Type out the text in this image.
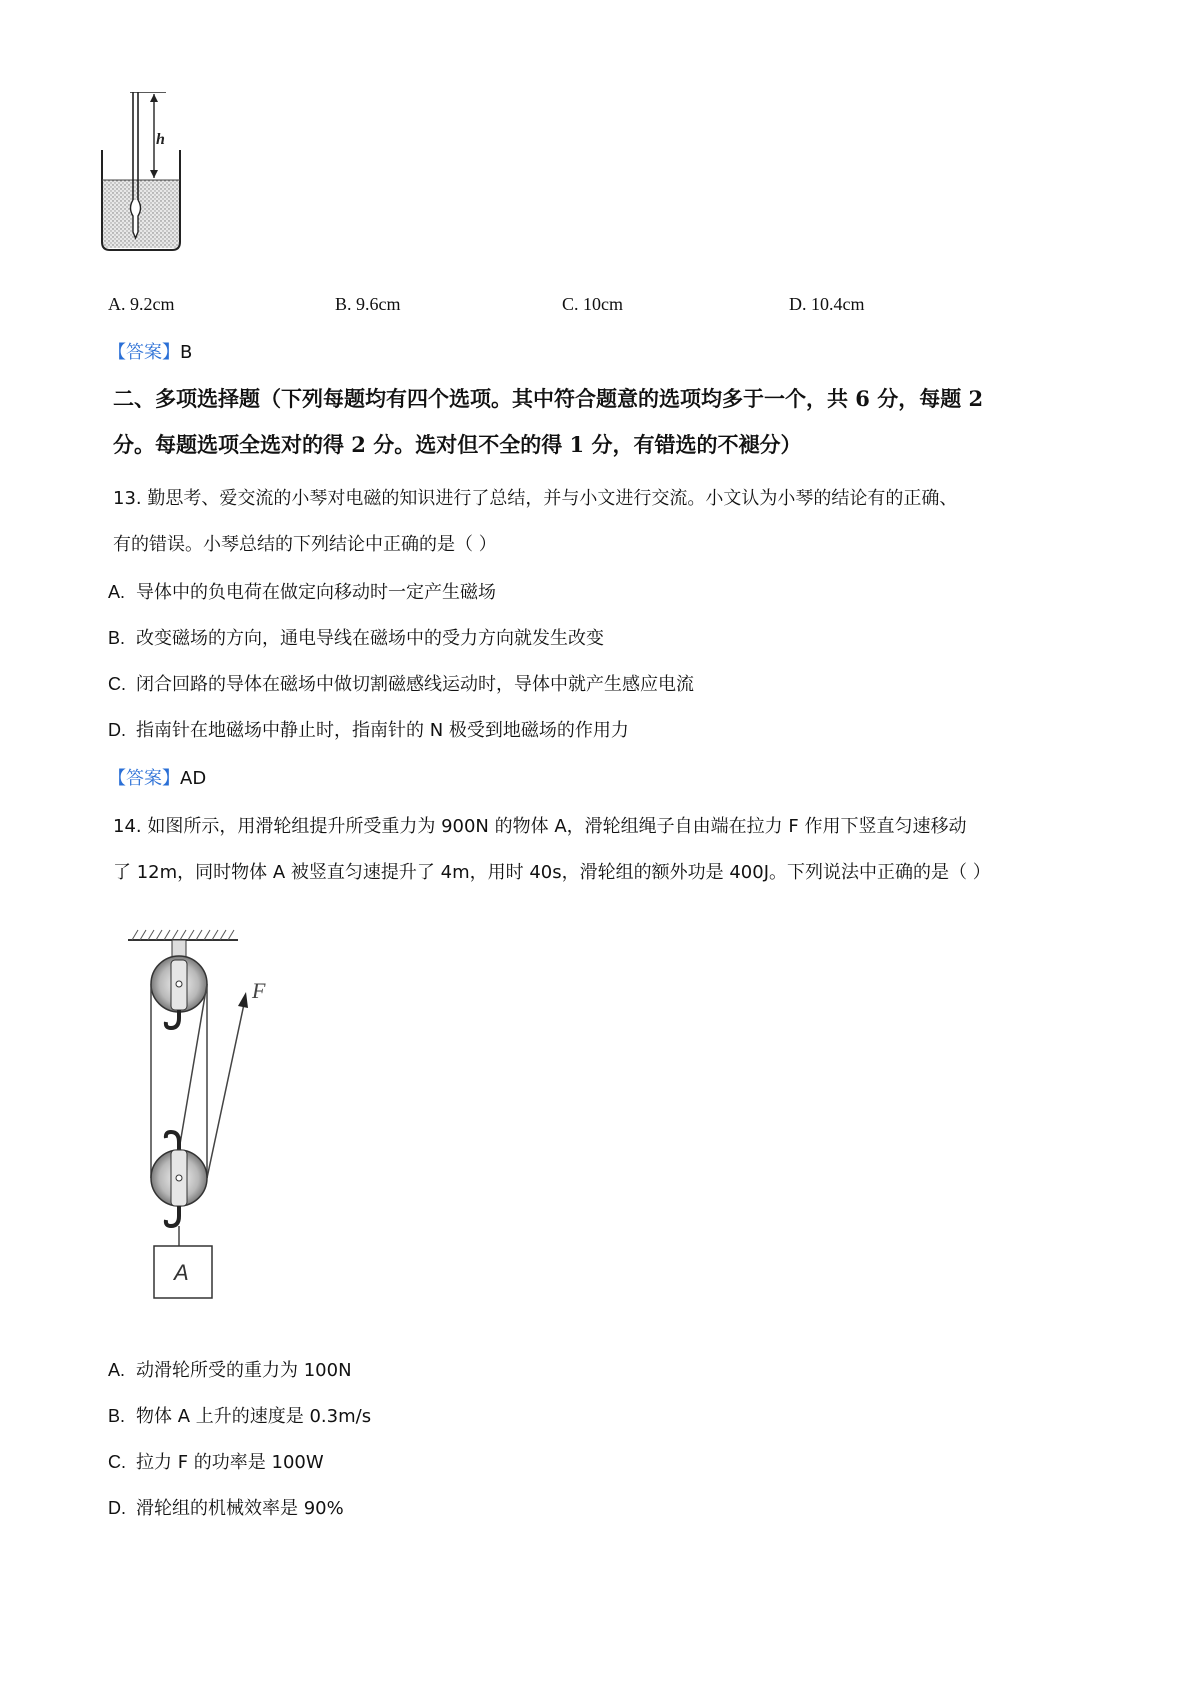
h
A. 9.2cm	B. 9.6cm	C. 10cm	D. 10.4cm
【答案】B
二、多项选择题（下列每题均有四个选项。其中符合题意的选项均多于一个，共 6 分，每题 2
分。每题选项全选对的得 2 分。选对但不全的得 1 分，有错选的不褪分）
13. 勤思考、爱交流的小琴对电磁的知识进行了总结，并与小文进行交流。小文认为小琴的结论有的正确、
有的错误。小琴总结的下列结论中正确的是（ ）
A. 导体中的负电荷在做定向移动时一定产生磁场
B. 改变磁场的方向，通电导线在磁场中的受力方向就发生改变
C. 闭合回路的导体在磁场中做切割磁感线运动时，导体中就产生感应电流
D. 指南针在地磁场中静止时，指南针的 N 极受到地磁场的作用力
【答案】AD
14. 如图所示，用滑轮组提升所受重力为 900N 的物体 A，滑轮组绳子自由端在拉力 F 作用下竖直匀速移动
了 12m，同时物体 A 被竖直匀速提升了 4m，用时 40s，滑轮组的额外功是 400J。下列说法中正确的是（ ）
F
A
A. 动滑轮所受的重力为 100N
B. 物体 A 上升的速度是 0.3m/s
C. 拉力 F 的功率是 100W
D. 滑轮组的机械效率是 90%
